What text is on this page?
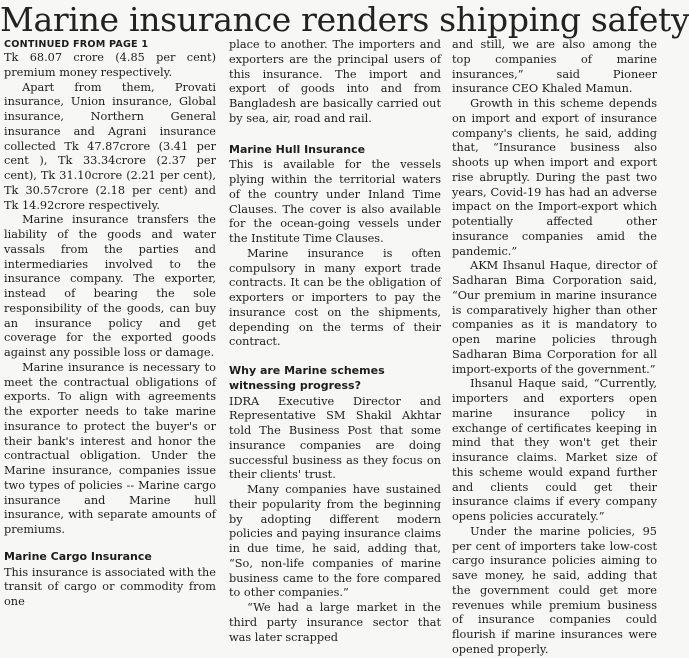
Marine insurance renders shipping safety

CONTINUED FROM PAGE 1

Tk 68.07 crore (4.85 per cent) premium money respectively.

Apart from them, Provati insurance, Union insurance, Global insurance, Northern General insurance and Agrani insurance collected Tk 47.87crore (3.41 per cent ), Tk 33.34crore (2.37 per cent), Tk 31.10crore (2.21 per cent), Tk 30.57crore (2.18 per cent) and Tk 14.92crore respectively.

Marine insurance transfers the liability of the goods and water vassals from the parties and intermediaries involved to the insurance company. The exporter, instead of bearing the sole responsibility of the goods, can buy an insurance policy and get coverage for the exported goods against any possible loss or damage.

Marine insurance is necessary to meet the contractual obligations of exports. To align with agreements the exporter needs to take marine insurance to protect the buyer's or their bank's interest and honor the contractual obligation. Under the Marine insurance, companies issue two types of policies -- Marine cargo insurance and Marine hull insurance, with separate amounts of premiums.

Marine Cargo Insurance

This insurance is associated with the transit of cargo or commodity from one

place to another. The importers and exporters are the principal users of this insurance. The import and export of goods into and from Bangladesh are basically carried out by sea, air, road and rail.

Marine Hull Insurance

This is available for the vessels plying within the territorial waters of the country under Inland Time Clauses. The cover is also available for the ocean-going vessels under the Institute Time Clauses.

Marine insurance is often compulsory in many export trade contracts. It can be the obligation of exporters or importers to pay the insurance cost on the shipments, depending on the terms of their contract.

Why are Marine schemes witnessing progress?

IDRA Executive Director and Representative SM Shakil Akhtar told The Business Post that some insurance companies are doing successful business as they focus on their clients' trust.

Many companies have sustained their popularity from the beginning by adopting different modern policies and paying insurance claims in due time, he said, adding that, “So, non-life companies of marine business came to the fore compared to other companies.”

“We had a large market in the third party insurance sector that was later scrapped

and still, we are also among the top companies of marine insurances,” said Pioneer insurance CEO Khaled Mamun.

Growth in this scheme depends on import and export of insurance company's clients, he said, adding that, “Insurance business also shoots up when import and export rise abruptly. During the past two years, Covid-19 has had an adverse impact on the Import-export which potentially affected other insurance companies amid the pandemic.”

AKM Ihsanul Haque, director of Sadharan Bima Corporation said, “Our premium in marine insurance is comparatively higher than other companies as it is mandatory to open marine policies through Sadharan Bima Corporation for all import-exports of the government.”

Ihsanul Haque said, “Currently, importers and exporters open marine insurance policy in exchange of certificates keeping in mind that they won't get their insurance claims. Market size of this scheme would expand further and clients could get their insurance claims if every company opens policies accurately.”

Under the marine policies, 95 per cent of importers take low-cost cargo insurance policies aiming to save money, he said, adding that the government could get more revenues while premium business of insurance companies could flourish if marine insurances were opened properly.
